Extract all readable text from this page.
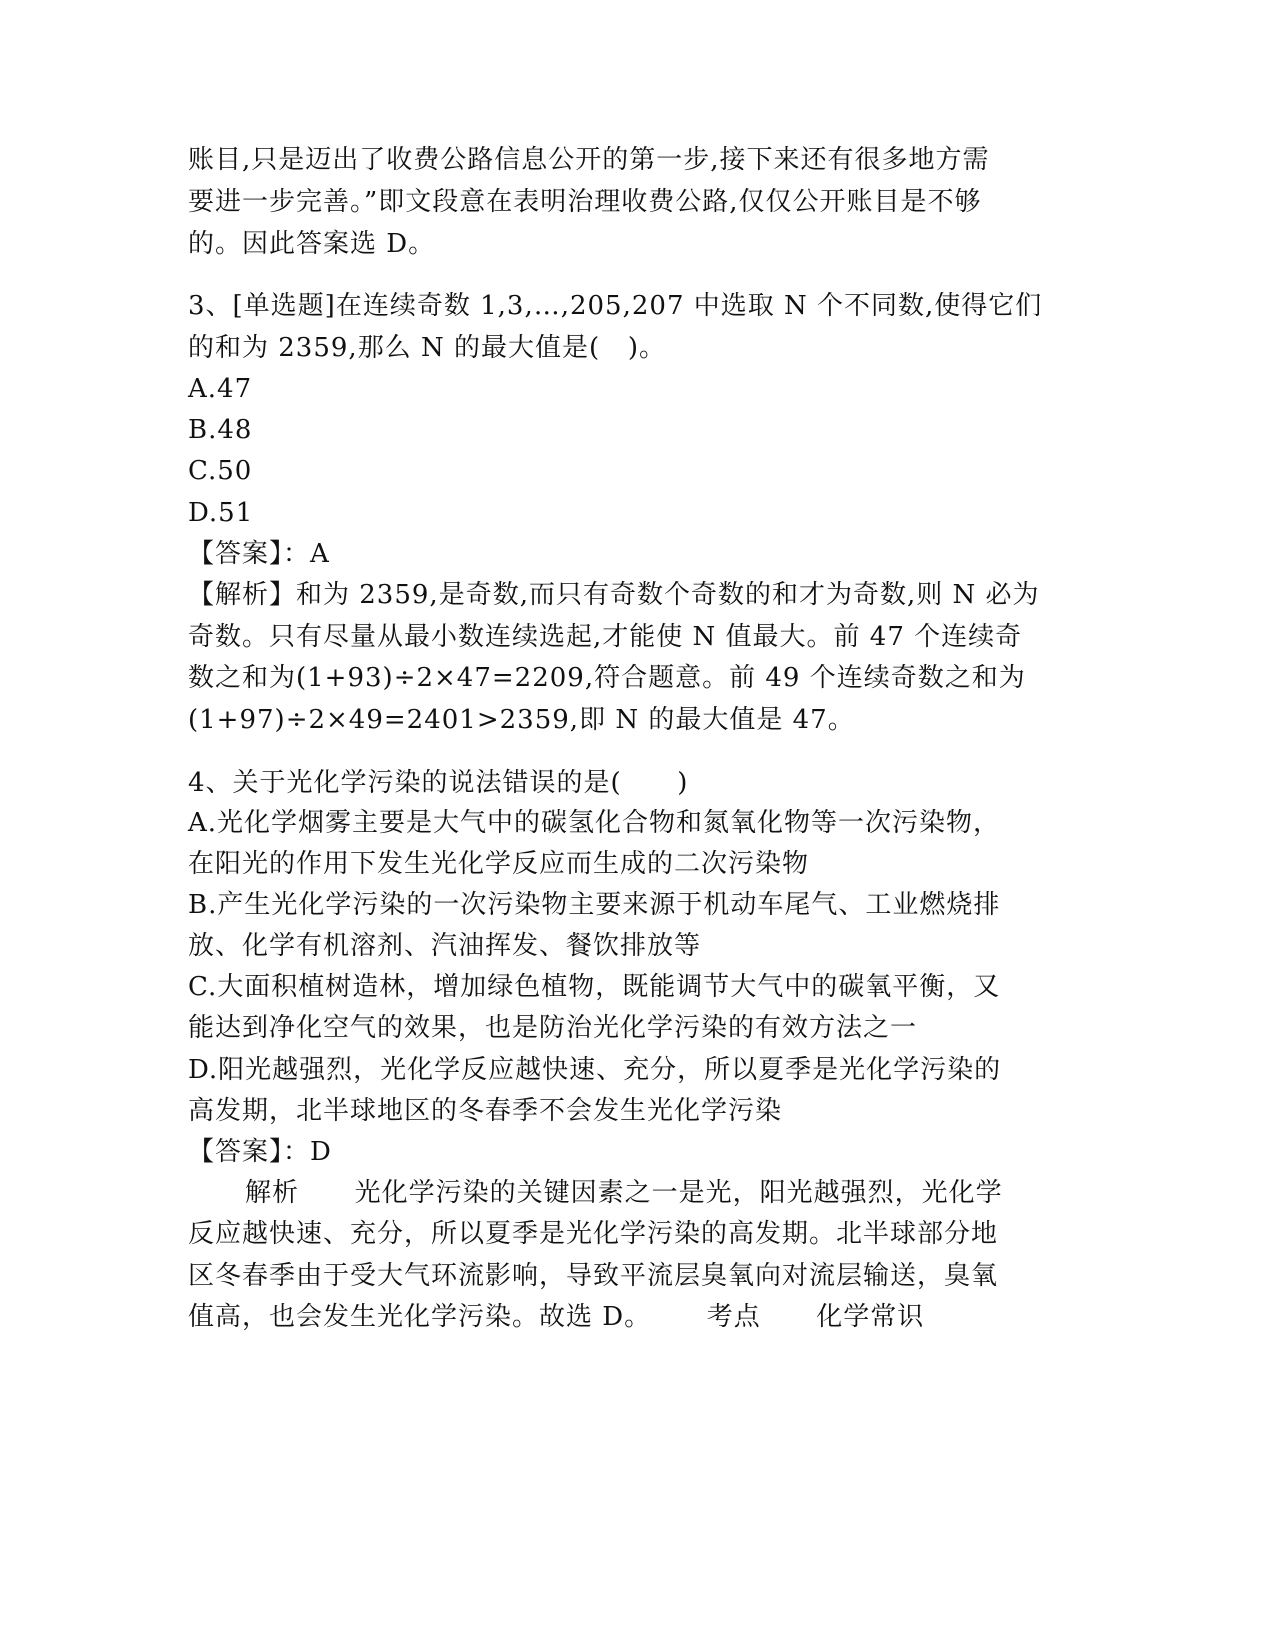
账目,只是迈出了收费公路信息公开的第一步,接下来还有很多地方需
要进一步完善。”即文段意在表明治理收费公路,仅仅公开账目是不够
的。因此答案选 D。
3、[单选题]在连续奇数 1,3,…,205,207 中选取 N 个不同数,使得它们
的和为 2359,那么 N 的最大值是(   )。
A.47
B.48
C.50
D.51
【答案】：A
【解析】和为 2359,是奇数,而只有奇数个奇数的和才为奇数,则 N 必为
奇数。只有尽量从最小数连续选起,才能使 N 值最大。前 47 个连续奇
数之和为(1+93)÷2×47=2209,符合题意。前 49 个连续奇数之和为
(1+97)÷2×49=2401>2359,即 N 的最大值是 47。
4、关于光化学污染的说法错误的是(      )
A.光化学烟雾主要是大气中的碳氢化合物和氮氧化物等一次污染物，
在阳光的作用下发生光化学反应而生成的二次污染物
B.产生光化学污染的一次污染物主要来源于机动车尾气、工业燃烧排
放、化学有机溶剂、汽油挥发、餐饮排放等
C.大面积植树造林，增加绿色植物，既能调节大气中的碳氧平衡，又
能达到净化空气的效果，也是防治光化学污染的有效方法之一
D.阳光越强烈，光化学反应越快速、充分，所以夏季是光化学污染的
高发期，北半球地区的冬春季不会发生光化学污染
【答案】：D
解析      光化学污染的关键因素之一是光，阳光越强烈，光化学
反应越快速、充分，所以夏季是光化学污染的高发期。北半球部分地
区冬春季由于受大气环流影响，导致平流层臭氧向对流层输送，臭氧
值高，也会发生光化学污染。故选 D。      考点      化学常识
